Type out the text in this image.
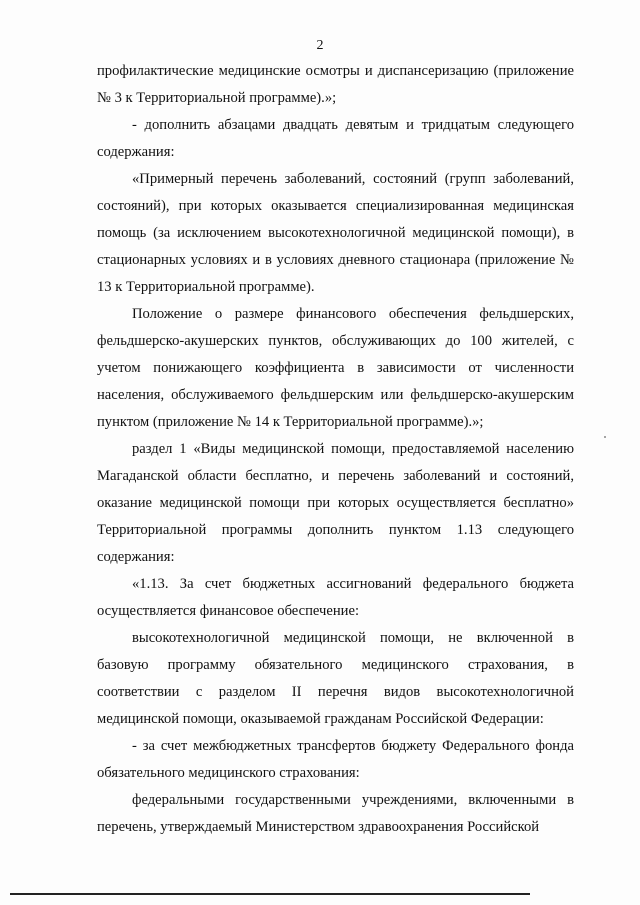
2

профилактические медицинские осмотры и диспансеризацию (приложение № 3 к Территориальной программе).»;

- дополнить абзацами двадцать девятым и тридцатым следующего содержания:

«Примерный перечень заболеваний, состояний (групп заболеваний, состояний), при которых оказывается специализированная медицинская помощь (за исключением высокотехнологичной медицинской помощи), в стационарных условиях и в условиях дневного стационара (приложение № 13 к Территориальной программе).

Положение о размере финансового обеспечения фельдшерских, фельдшерско-акушерских пунктов, обслуживающих до 100 жителей, с учетом понижающего коэффициента в зависимости от численности населения, обслуживаемого фельдшерским или фельдшерско-акушерским пунктом (приложение № 14 к Территориальной программе).»;

раздел 1 «Виды медицинской помощи, предоставляемой населению Магаданской области бесплатно, и перечень заболеваний и состояний, оказание медицинской помощи при которых осуществляется бесплатно» Территориальной программы дополнить пунктом 1.13 следующего содержания:

«1.13. За счет бюджетных ассигнований федерального бюджета осуществляется финансовое обеспечение:

высокотехнологичной медицинской помощи, не включенной в базовую программу обязательного медицинского страхования, в соответствии с разделом II перечня видов высокотехнологичной медицинской помощи, оказываемой гражданам Российской Федерации:

- за счет межбюджетных трансфертов бюджету Федерального фонда обязательного медицинского страхования:

федеральными государственными учреждениями, включенными в перечень, утверждаемый Министерством здравоохранения Российской
